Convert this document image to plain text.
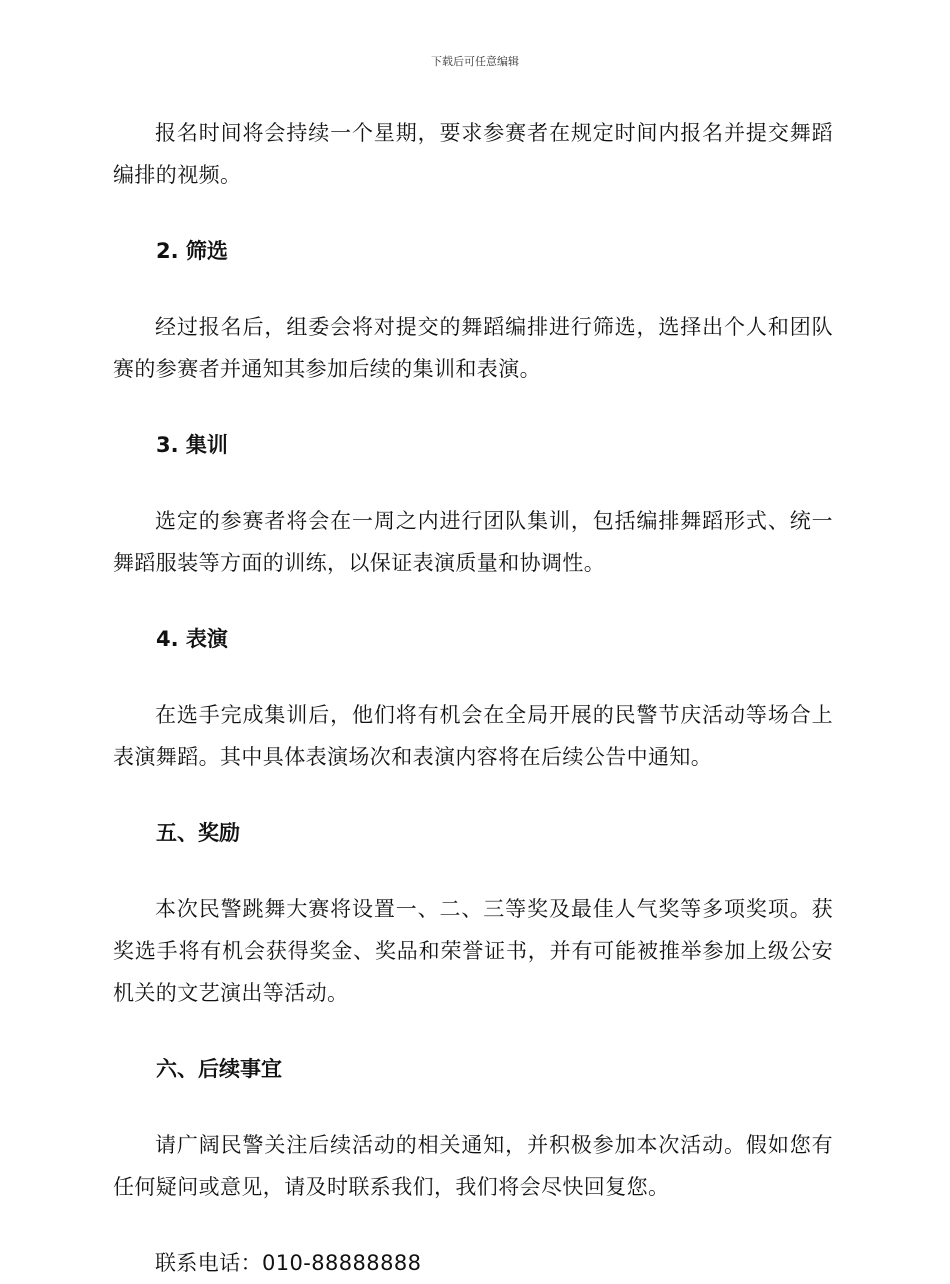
下载后可任意编辑

报名时间将会持续一个星期，要求参赛者在规定时间内报名并提交舞蹈编排的视频。

2. 筛选

经过报名后，组委会将对提交的舞蹈编排进行筛选，选择出个人和团队赛的参赛者并通知其参加后续的集训和表演。

3. 集训

选定的参赛者将会在一周之内进行团队集训，包括编排舞蹈形式、统一舞蹈服装等方面的训练，以保证表演质量和协调性。

4. 表演

在选手完成集训后，他们将有机会在全局开展的民警节庆活动等场合上表演舞蹈。其中具体表演场次和表演内容将在后续公告中通知。

五、奖励

本次民警跳舞大赛将设置一、二、三等奖及最佳人气奖等多项奖项。获奖选手将有机会获得奖金、奖品和荣誉证书，并有可能被推举参加上级公安机关的文艺演出等活动。

六、后续事宜

请广阔民警关注后续活动的相关通知，并积极参加本次活动。假如您有任何疑问或意见，请及时联系我们，我们将会尽快回复您。

联系电话：010-88888888
